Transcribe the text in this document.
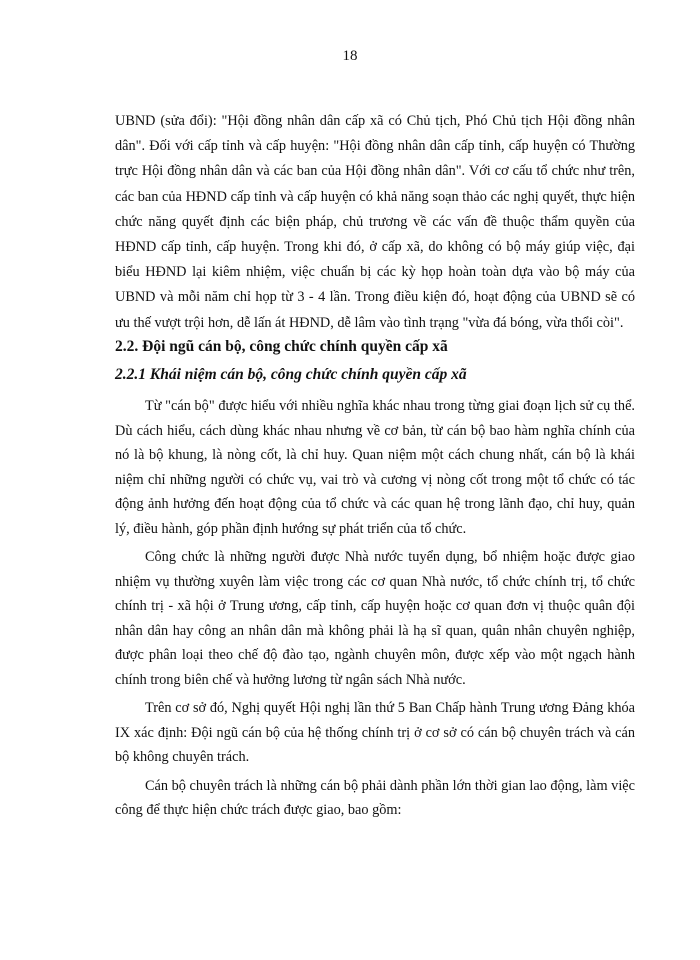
18
UBND (sửa đổi): "Hội đồng nhân dân cấp xã có Chủ tịch, Phó Chủ tịch Hội đồng nhân dân". Đối với cấp tỉnh và cấp huyện: "Hội đồng nhân dân cấp tỉnh, cấp huyện có Thường trực Hội đồng nhân dân và các ban của Hội đồng nhân dân". Với cơ cấu tổ chức như trên, các ban của HĐND cấp tỉnh và cấp huyện có khả năng soạn thảo các nghị quyết, thực hiện chức năng quyết định các biện pháp, chủ trương về các vấn đề thuộc thẩm quyền của HĐND cấp tỉnh, cấp huyện. Trong khi đó, ở cấp xã, do không có bộ máy giúp việc, đại biểu HĐND lại kiêm nhiệm, việc chuẩn bị các kỳ họp hoàn toàn dựa vào bộ máy của UBND và mỗi năm chỉ họp từ 3 - 4 lần. Trong điều kiện đó, hoạt động của UBND sẽ có ưu thế vượt trội hơn, dễ lấn át HĐND, dễ lâm vào tình trạng "vừa đá bóng, vừa thổi còi".
2.2. Đội ngũ cán bộ, công chức chính quyền cấp xã
2.2.1 Khái niệm cán bộ, công chức chính quyền cấp xã

Từ "cán bộ" được hiểu với nhiều nghĩa khác nhau trong từng giai đoạn lịch sử cụ thể. Dù cách hiểu, cách dùng khác nhau nhưng về cơ bản, từ cán bộ bao hàm nghĩa chính của nó là bộ khung, là nòng cốt, là chỉ huy. Quan niệm một cách chung nhất, cán bộ là khái niệm chỉ những người có chức vụ, vai trò và cương vị nòng cốt trong một tổ chức có tác động ảnh hưởng đến hoạt động của tổ chức và các quan hệ trong lãnh đạo, chỉ huy, quản lý, điều hành, góp phần định hướng sự phát triển của tổ chức.

Công chức là những người được Nhà nước tuyển dụng, bổ nhiệm hoặc được giao nhiệm vụ thường xuyên làm việc trong các cơ quan Nhà nước, tổ chức chính trị, tổ chức chính trị - xã hội ở Trung ương, cấp tỉnh, cấp huyện hoặc cơ quan đơn vị thuộc quân đội nhân dân hay công an nhân dân mà không phải là hạ sĩ quan, quân nhân chuyên nghiệp, được phân loại theo chế độ đào tạo, ngành chuyên môn, được xếp vào một ngạch hành chính trong biên chế và hưởng lương từ ngân sách Nhà nước.

Trên cơ sở đó, Nghị quyết Hội nghị lần thứ 5 Ban Chấp hành Trung ương Đảng khóa IX xác định: Đội ngũ cán bộ của hệ thống chính trị ở cơ sở có cán bộ chuyên trách và cán bộ không chuyên trách.

Cán bộ chuyên trách là những cán bộ phải dành phần lớn thời gian lao động, làm việc công để thực hiện chức trách được giao, bao gồm:
